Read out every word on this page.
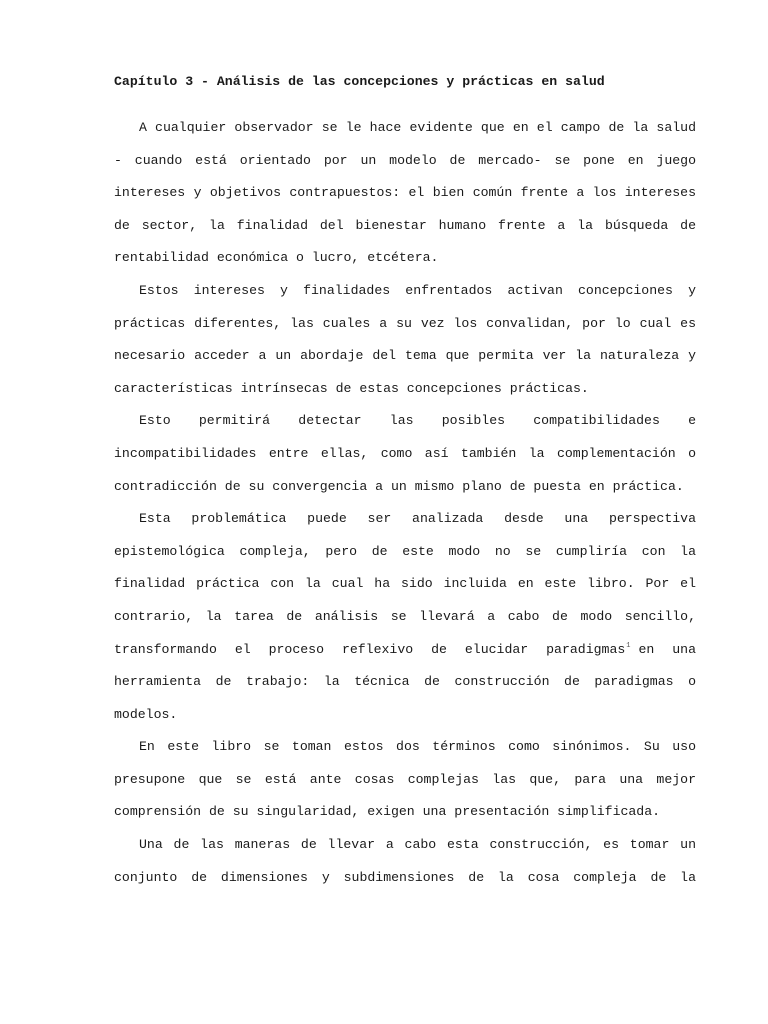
Capítulo 3 - Análisis de las concepciones y prácticas en salud

A cualquier observador se le hace evidente que en el campo de la salud - cuando está orientado por un modelo de mercado- se pone en juego intereses y objetivos contrapuestos: el bien común frente a los intereses de sector, la finalidad del bienestar humano frente a la búsqueda de rentabilidad económica o lucro, etcétera.

Estos intereses y finalidades enfrentados activan concepciones y prácticas diferentes, las cuales a su vez los convalidan, por lo cual es necesario acceder a un abordaje del tema que permita ver la naturaleza y características intrínsecas de estas concepciones prácticas.

Esto permitirá detectar las posibles compatibilidades e incompatibilidades entre ellas, como así también la complementación o contradicción de su convergencia a un mismo plano de puesta en práctica.

Esta problemática puede ser analizada desde una perspectiva epistemológica compleja, pero de este modo no se cumpliría con la finalidad práctica con la cual ha sido incluida en este libro. Por el contrario, la tarea de análisis se llevará a cabo de modo sencillo, transformando el proceso reflexivo de elucidar paradigmas$^1$ en una herramienta de trabajo: la técnica de construcción de paradigmas o modelos.

En este libro se toman estos dos términos como sinónimos. Su uso presupone que se está ante cosas complejas las que, para una mejor comprensión de su singularidad, exigen una presentación simplificada.

Una de las maneras de llevar a cabo esta construcción, es tomar un conjunto de dimensiones y subdimensiones de la cosa compleja de la
